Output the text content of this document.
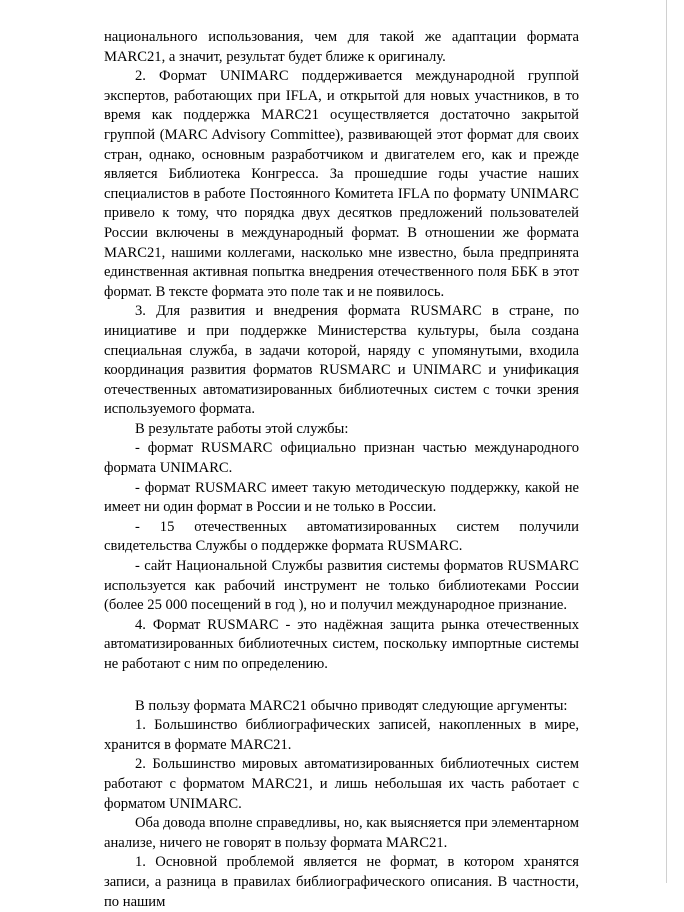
национального использования, чем для такой же адаптации формата MARC21, а значит, результат будет ближе к оригиналу.

2. Формат UNIMARC поддерживается международной группой экспертов, работающих при IFLA, и открытой для новых участников, в то время как поддержка MARC21 осуществляется достаточно закрытой группой (MARC Advisory Committee), развивающей этот формат для своих стран, однако, основным разработчиком и двигателем его, как и прежде является Библиотека Конгресса. За прошедшие годы участие наших специалистов в работе Постоянного Комитета IFLA по формату UNIMARC привело к тому, что порядка двух десятков предложений пользователей России включены в международный формат. В отношении же формата MARC21, нашими коллегами, насколько мне известно, была предпринята единственная активная попытка внедрения отечественного поля ББК в этот формат. В тексте формата это поле так и не появилось.

3. Для развития и внедрения формата RUSMARC в стране, по инициативе и при поддержке Министерства культуры, была создана специальная служба, в задачи которой, наряду с упомянутыми, входила координация развития форматов RUSMARC и UNIMARC и унификация отечественных автоматизированных библиотечных систем с точки зрения используемого формата.

В результате работы этой службы:

- формат RUSMARC официально признан частью международного формата UNIMARC.

- формат RUSMARC имеет такую методическую поддержку, какой не имеет ни один формат в России и не только в России.

- 15 отечественных автоматизированных систем получили свидетельства Службы о поддержке формата RUSMARC.

- сайт Национальной Службы развития системы форматов RUSMARC используется как рабочий инструмент не только библиотеками России (более 25 000 посещений в год ), но и получил международное признание.

4. Формат RUSMARC - это надёжная защита рынка отечественных автоматизированных библиотечных систем, поскольку импортные системы не работают с ним по определению.

В пользу формата MARC21 обычно приводят следующие аргументы:

1. Большинство библиографических записей, накопленных в мире, хранится в формате MARC21.

2. Большинство мировых автоматизированных библиотечных систем работают с форматом MARC21, и лишь небольшая их часть работает с форматом UNIMARC.

Оба довода вполне справедливы, но, как выясняется при элементарном анализе, ничего не говорят в пользу формата MARC21.

1. Основной проблемой является не формат, в котором хранятся записи, а разница в правилах библиографического описания. В частности, по нашим
